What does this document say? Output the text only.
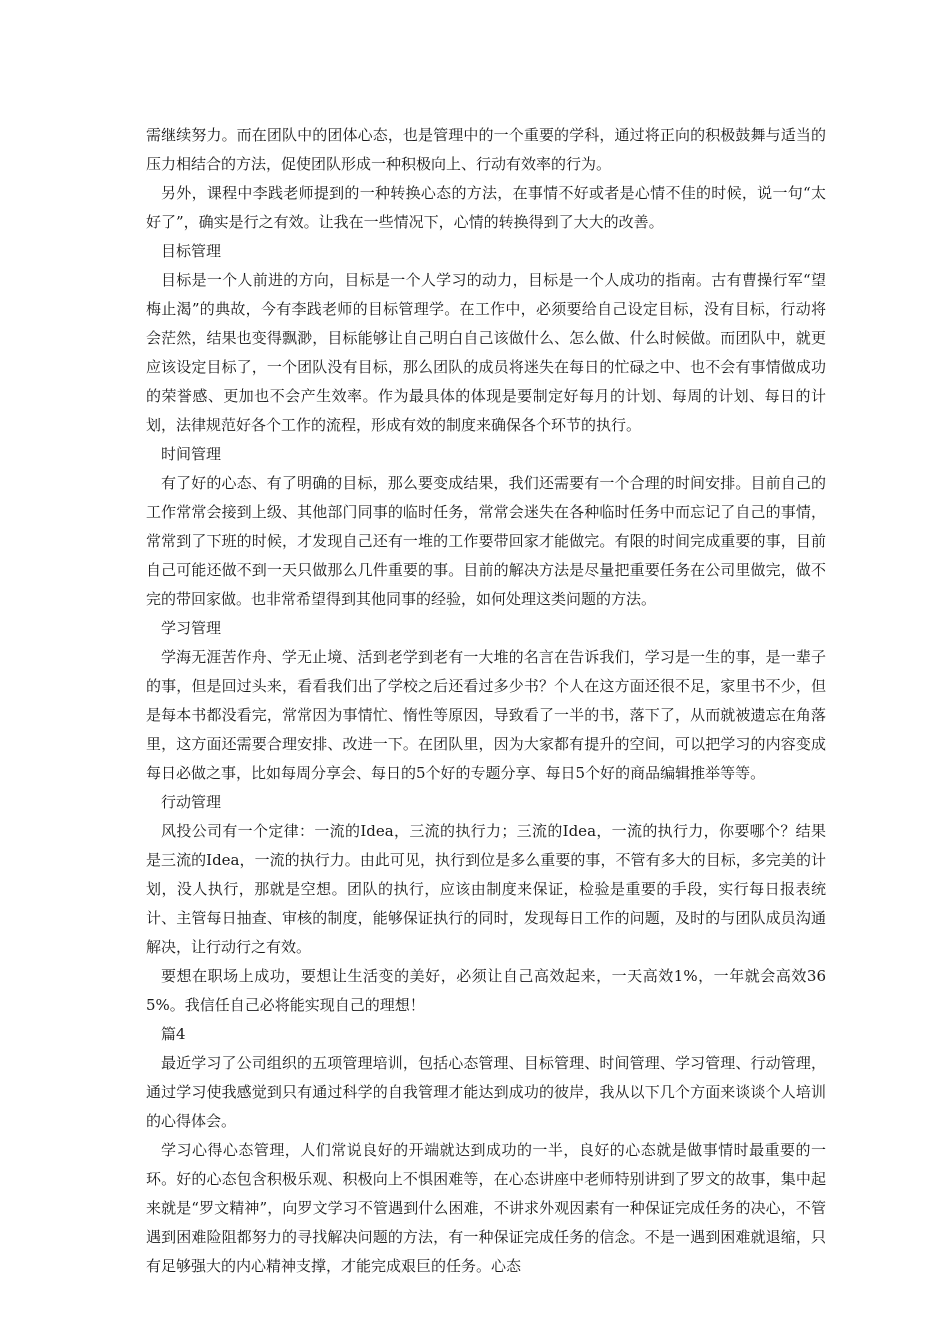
需继续努力。而在团队中的团体心态，也是管理中的一个重要的学科，通过将正向的积极鼓舞与适当的压力相结合的方法，促使团队形成一种积极向上、行动有效率的行为。

另外，课程中李践老师提到的一种转换心态的方法，在事情不好或者是心情不佳的时候，说一句“太好了”，确实是行之有效。让我在一些情况下，心情的转换得到了大大的改善。

目标管理

目标是一个人前进的方向，目标是一个人学习的动力，目标是一个人成功的指南。古有曹操行军“望梅止渴”的典故，今有李践老师的目标管理学。在工作中，必须要给自己设定目标，没有目标，行动将会茫然，结果也变得飘渺，目标能够让自己明白自己该做什么、怎么做、什么时候做。而团队中，就更应该设定目标了，一个团队没有目标，那么团队的成员将迷失在每日的忙碌之中、也不会有事情做成功的荣誉感、更加也不会产生效率。作为最具体的体现是要制定好每月的计划、每周的计划、每日的计划，法律规范好各个工作的流程，形成有效的制度来确保各个环节的执行。

时间管理

有了好的心态、有了明确的目标，那么要变成结果，我们还需要有一个合理的时间安排。目前自己的工作常常会接到上级、其他部门同事的临时任务，常常会迷失在各种临时任务中而忘记了自己的事情，常常到了下班的时候，才发现自己还有一堆的工作要带回家才能做完。有限的时间完成重要的事，目前自己可能还做不到一天只做那么几件重要的事。目前的解决方法是尽量把重要任务在公司里做完，做不完的带回家做。也非常希望得到其他同事的经验，如何处理这类问题的方法。

学习管理

学海无涯苦作舟、学无止境、活到老学到老有一大堆的名言在告诉我们，学习是一生的事，是一辈子的事，但是回过头来，看看我们出了学校之后还看过多少书？个人在这方面还很不足，家里书不少，但是每本书都没看完，常常因为事情忙、惰性等原因，导致看了一半的书，落下了，从而就被遗忘在角落里，这方面还需要合理安排、改进一下。在团队里，因为大家都有提升的空间，可以把学习的内容变成每日必做之事，比如每周分享会、每日的5个好的专题分享、每日5个好的商品编辑推举等等。

行动管理

风投公司有一个定律：一流的Idea，三流的执行力；三流的Idea，一流的执行力，你要哪个？结果是三流的Idea，一流的执行力。由此可见，执行到位是多么重要的事，不管有多大的目标，多完美的计划，没人执行，那就是空想。团队的执行，应该由制度来保证，检验是重要的手段，实行每日报表统计、主管每日抽查、审核的制度，能够保证执行的同时，发现每日工作的问题，及时的与团队成员沟通解决，让行动行之有效。

要想在职场上成功，要想让生活变的美好，必须让自己高效起来，一天高效1%，一年就会高效365%。我信任自己必将能实现自己的理想！

篇4

最近学习了公司组织的五项管理培训，包括心态管理、目标管理、时间管理、学习管理、行动管理，通过学习使我感觉到只有通过科学的自我管理才能达到成功的彼岸，我从以下几个方面来谈谈个人培训的心得体会。

学习心得心态管理，人们常说良好的开端就达到成功的一半，良好的心态就是做事情时最重要的一环。好的心态包含积极乐观、积极向上不惧困难等，在心态讲座中老师特别讲到了罗文的故事，集中起来就是“罗文精神”，向罗文学习不管遇到什么困难，不讲求外观因素有一种保证完成任务的决心，不管遇到困难险阻都努力的寻找解决问题的方法，有一种保证完成任务的信念。不是一遇到困难就退缩，只有足够强大的内心精神支撑，才能完成艰巨的任务。心态
